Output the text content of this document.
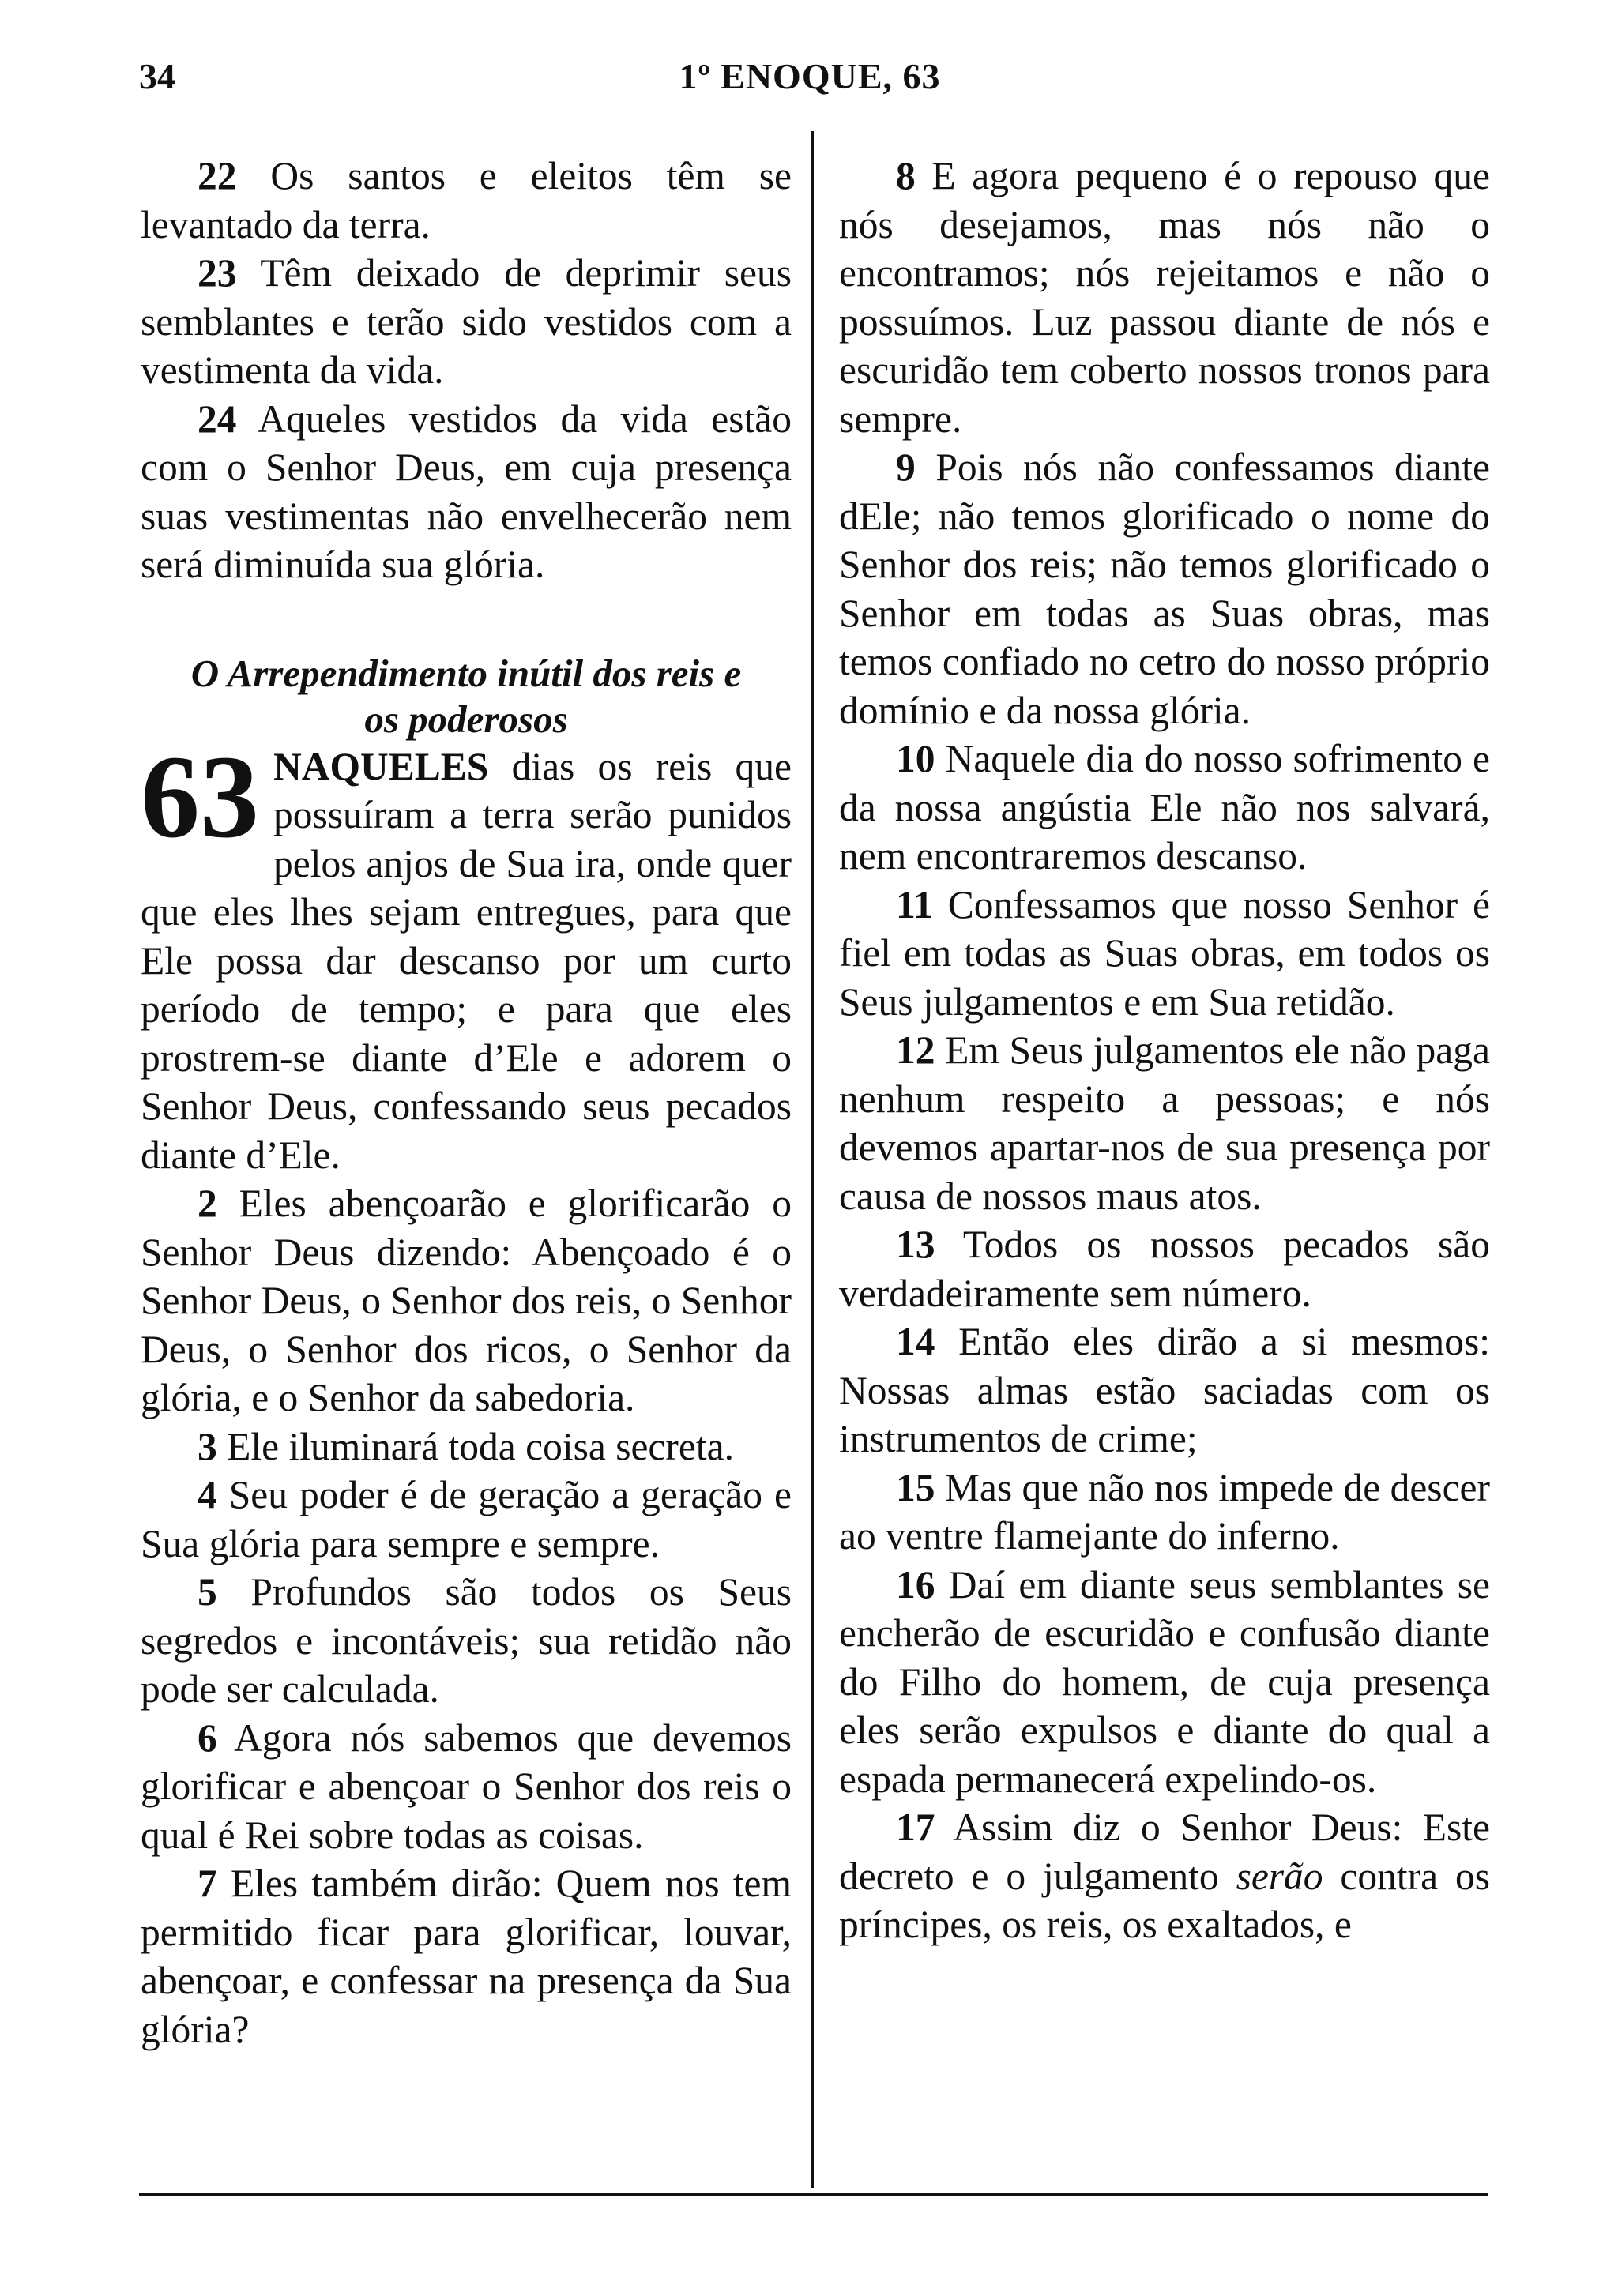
34	1º ENOQUE, 63

22 Os santos e eleitos têm se levantado da terra.

23 Têm deixado de deprimir seus semblantes e terão sido vestidos com a vestimenta da vida.

24 Aqueles vestidos da vida estão com o Senhor Deus, em cuja presença suas vestimentas não envelhecerão nem será diminuída sua glória.

O Arrependimento inútil dos reis e
os poderosos

63 NAQUELES dias os reis que possuíram a terra serão punidos pelos anjos de Sua ira, onde quer que eles lhes sejam entregues, para que Ele possa dar descanso por um curto período de tempo; e para que eles prostrem-se diante d’Ele e adorem o Senhor Deus, confessando seus pecados diante d’Ele.

2 Eles abençoarão e glorificarão o Senhor Deus dizendo: Abençoado é o Senhor Deus, o Senhor dos reis, o Senhor Deus, o Senhor dos ricos, o Senhor da glória, e o Senhor da sabedoria.

3 Ele iluminará toda coisa secreta.

4 Seu poder é de geração a geração e Sua glória para sempre e sempre.

5 Profundos são todos os Seus segredos e incontáveis; sua retidão não pode ser calculada.

6 Agora nós sabemos que devemos glorificar e abençoar o Senhor dos reis o qual é Rei sobre todas as coisas.

7 Eles também dirão: Quem nos tem permitido ficar para glorificar, louvar, abençoar, e confessar na presença da Sua glória?

8 E agora pequeno é o repouso que nós desejamos, mas nós não o encontramos; nós rejeitamos e não o possuímos. Luz passou diante de nós e escuridão tem coberto nossos tronos para sempre.

9 Pois nós não confessamos diante dEle; não temos glorificado o nome do Senhor dos reis; não temos glorificado o Senhor em todas as Suas obras, mas temos confiado no cetro do nosso próprio domínio e da nossa glória.

10 Naquele dia do nosso sofrimento e da nossa angústia Ele não nos salvará, nem encontraremos descanso.

11 Confessamos que nosso Senhor é fiel em todas as Suas obras, em todos os Seus julgamentos e em Sua retidão.

12 Em Seus julgamentos ele não paga nenhum respeito a pessoas; e nós devemos apartar-nos de sua presença por causa de nossos maus atos.

13 Todos os nossos pecados são verdadeiramente sem número.

14 Então eles dirão a si mesmos: Nossas almas estão saciadas com os instrumentos de crime;

15 Mas que não nos impede de descer ao ventre flamejante do inferno.

16 Daí em diante seus semblantes se encherão de escuridão e confusão diante do Filho do homem, de cuja presença eles serão expulsos e diante do qual a espada permanecerá expelindo-os.

17 Assim diz o Senhor Deus: Este decreto e o julgamento serão contra os príncipes, os reis, os exaltados, e
